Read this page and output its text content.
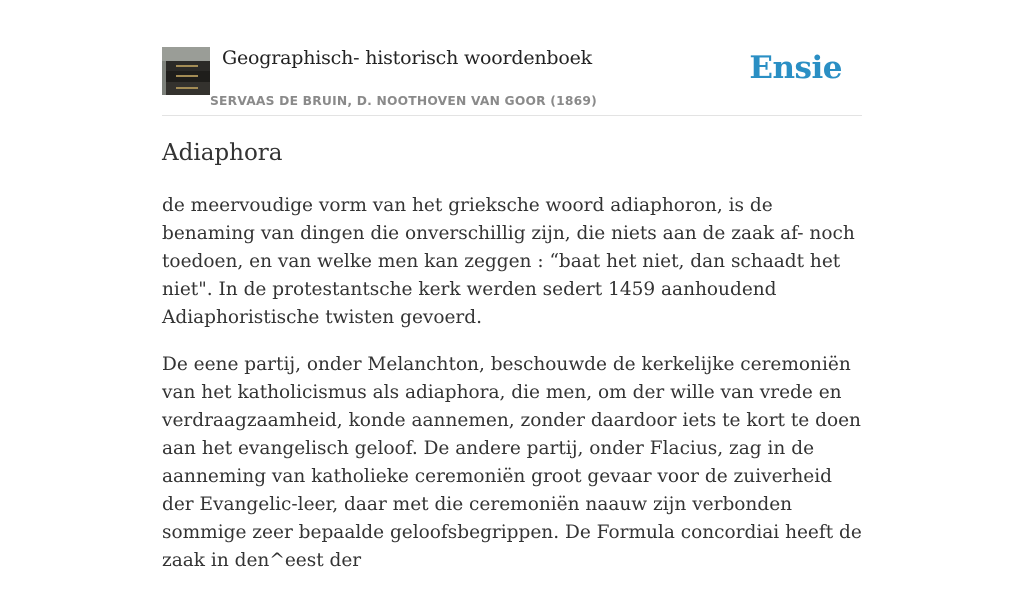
Geographisch- historisch woordenboek
SERVAAS DE BRUIN, D. NOOTHOVEN VAN GOOR (1869)
Ensie
Adiaphora

de meervoudige vorm van het grieksche woord adiaphoron, is de benaming van dingen die onverschillig zijn, die niets aan de zaak af- noch toedoen, en van welke men kan zeggen : “baat het niet, dan schaadt het niet". In de protestantsche kerk werden sedert 1459 aanhoudend Adiaphoristische twisten gevoerd.

De eene partij, onder Melanchton, beschouwde de kerkelijke ceremoniën van het katholicismus als adiaphora, die men, om der wille van vrede en verdraagzaamheid, konde aannemen, zonder daardoor iets te kort te doen aan het evangelisch geloof. De andere partij, onder Flacius, zag in de aanneming van katholieke ceremoniën groot gevaar voor de zuiverheid der Evangelic-leer, daar met die ceremoniën naauw zijn verbonden sommige zeer bepaalde geloofsbegrippen. De Formula concordiai heeft de zaak in den^eest der
